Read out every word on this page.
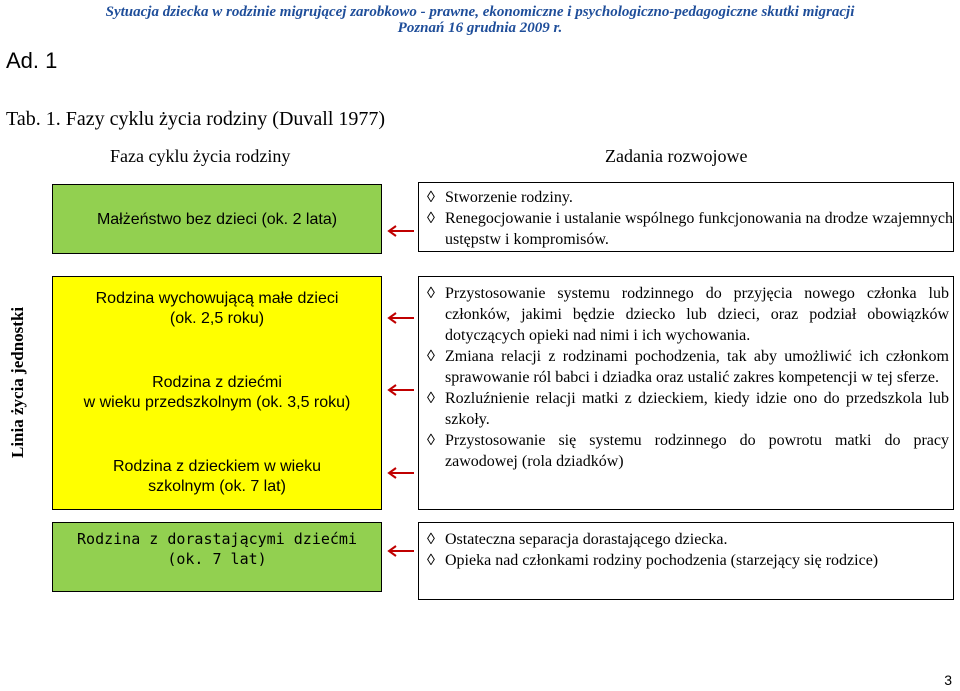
Sytuacja dziecka w rodzinie migrującej zarobkowo - prawne, ekonomiczne i psychologiczno-pedagogiczne skutki migracji
Poznań 16 grudnia 2009 r.
Ad. 1
Tab. 1. Fazy cyklu życia rodziny (Duvall 1977)
Faza cyklu życia rodziny	Zadania rozwojowe
Linia życia jednostki
Małżeństwo bez dzieci (ok. 2 lata)
Rodzina wychowującą małe dzieci
(ok. 2,5 roku)
Rodzina z dziećmi
w wieku przedszkolnym (ok. 3,5 roku)
Rodzina z dzieckiem w wieku
szkolnym (ok. 7 lat)
Rodzina z dorastającymi dziećmi
(ok. 7 lat)
◊ Stworzenie rodziny.
◊ Renegocjowanie i ustalanie wspólnego funkcjonowania na drodze wzajemnych ustępstw i kompromisów.
◊ Przystosowanie systemu rodzinnego do przyjęcia nowego członka lub członków, jakimi będzie dziecko lub dzieci, oraz podział obowiązków dotyczących opieki nad nimi i ich wychowania.
◊ Zmiana relacji z rodzinami pochodzenia, tak aby umożliwić ich członkom sprawowanie ról babci i dziadka oraz ustalić zakres kompetencji w tej sferze.
◊ Rozluźnienie relacji matki z dzieckiem, kiedy idzie ono do przedszkola lub szkoły.
◊ Przystosowanie się systemu rodzinnego do powrotu matki do pracy zawodowej (rola dziadków)
◊ Ostateczna separacja dorastającego dziecka.
◊ Opieka nad członkami rodziny pochodzenia (starzejący się rodzice)
3
